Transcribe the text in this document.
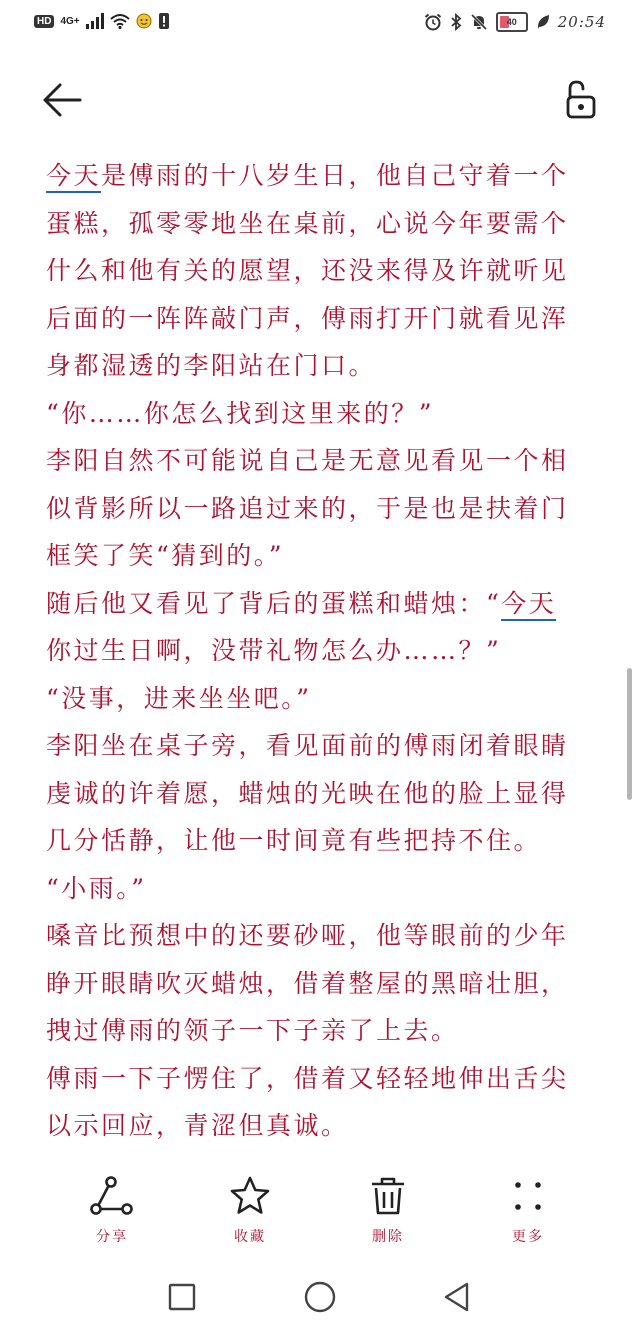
HD 4G+	40	20:54
今天是傅雨的十八岁生日，他自己守着一个
蛋糕，孤零零地坐在桌前，心说今年要需个
什么和他有关的愿望，还没来得及许就听见
后面的一阵阵敲门声，傅雨打开门就看见浑
身都湿透的李阳站在门口。
“你……你怎么找到这里来的？”
李阳自然不可能说自己是无意见看见一个相
似背影所以一路追过来的，于是也是扶着门
框笑了笑“猜到的。”
随后他又看见了背后的蛋糕和蜡烛：“今天
你过生日啊，没带礼物怎么办……？”
“没事，进来坐坐吧。”
李阳坐在桌子旁，看见面前的傅雨闭着眼睛
虔诚的许着愿，蜡烛的光映在他的脸上显得
几分恬静，让他一时间竟有些把持不住。
“小雨。”
嗓音比预想中的还要砂哑，他等眼前的少年
睁开眼睛吹灭蜡烛，借着整屋的黑暗壮胆，
拽过傅雨的领子一下子亲了上去。
傅雨一下子愣住了，借着又轻轻地伸出舌尖
以示回应，青涩但真诚。
分享	收藏	删除	更多
